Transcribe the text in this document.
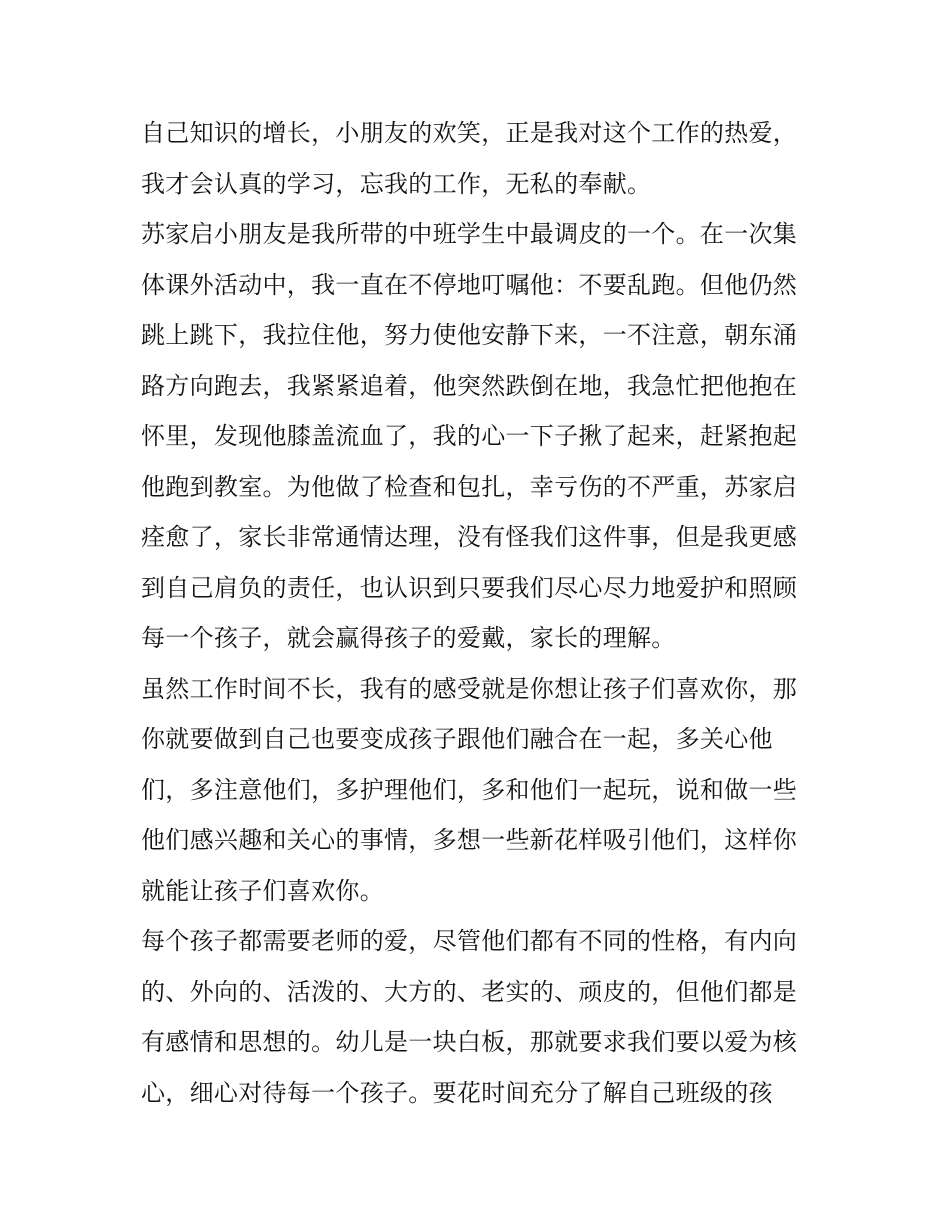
自己知识的增长，小朋友的欢笑，正是我对这个工作的热爱，
我才会认真的学习，忘我的工作，无私的奉献。
苏家启小朋友是我所带的中班学生中最调皮的一个。在一次集
体课外活动中，我一直在不停地叮嘱他：不要乱跑。但他仍然
跳上跳下，我拉住他，努力使他安静下来，一不注意，朝东涌
路方向跑去，我紧紧追着，他突然跌倒在地，我急忙把他抱在
怀里，发现他膝盖流血了，我的心一下子揪了起来，赶紧抱起
他跑到教室。为他做了检查和包扎，幸亏伤的不严重，苏家启
痊愈了，家长非常通情达理，没有怪我们这件事，但是我更感
到自己肩负的责任，也认识到只要我们尽心尽力地爱护和照顾
每一个孩子，就会赢得孩子的爱戴，家长的理解。
虽然工作时间不长，我有的感受就是你想让孩子们喜欢你，那
你就要做到自己也要变成孩子跟他们融合在一起，多关心他
们，多注意他们，多护理他们，多和他们一起玩，说和做一些
他们感兴趣和关心的事情，多想一些新花样吸引他们，这样你
就能让孩子们喜欢你。
每个孩子都需要老师的爱，尽管他们都有不同的性格，有内向
的、外向的、活泼的、大方的、老实的、顽皮的，但他们都是
有感情和思想的。幼儿是一块白板，那就要求我们要以爱为核
心，细心对待每一个孩子。要花时间充分了解自己班级的孩
